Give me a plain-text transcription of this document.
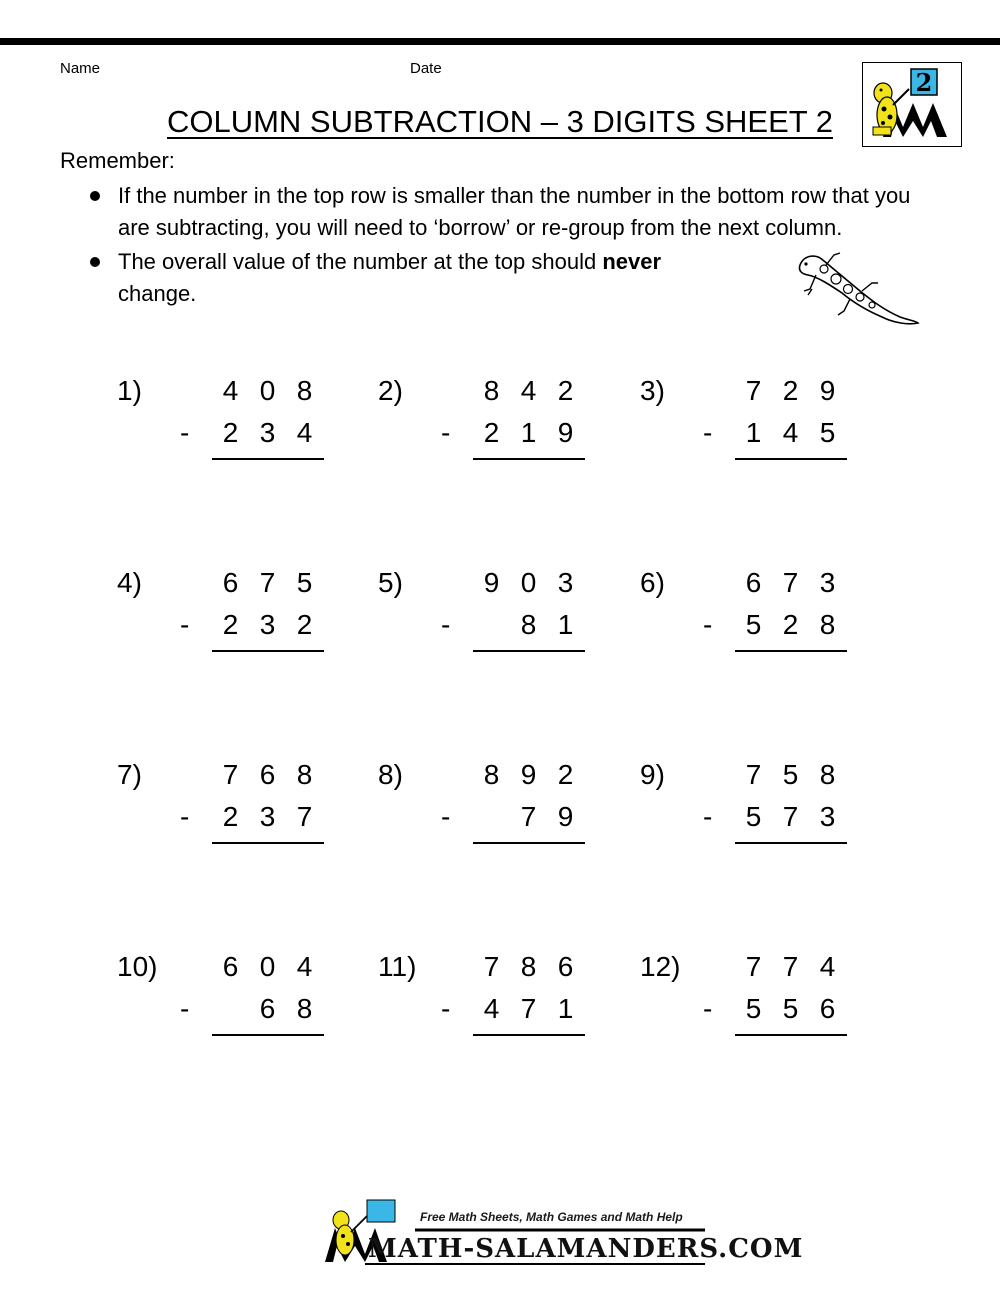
Name	Date	2
COLUMN SUBTRACTION – 3 DIGITS SHEET 2
Remember:
If the number in the top row is smaller than the number in the bottom row that you are subtracting, you will need to ‘borrow’ or re-group from the next column.
The overall value of the number at the top should never
change.
1)	4 0 8
-	2 3 4
2)	8 4 2
-	2 1 9
3)	7 2 9
-	1 4 5
4)	6 7 5
-	2 3 2
5)	9 0 3
-	8 1
6)	6 7 3
-	5 2 8
7)	7 6 8
-	2 3 7
8)	8 9 2
-	7 9
9)	7 5 8
-	5 7 3
10)	6 0 4
-	6 8
11)	7 8 6
-	4 7 1
12)	7 7 4
-	5 5 6
Free Math Sheets, Math Games and Math Help
MATH-SALAMANDERS.COM
